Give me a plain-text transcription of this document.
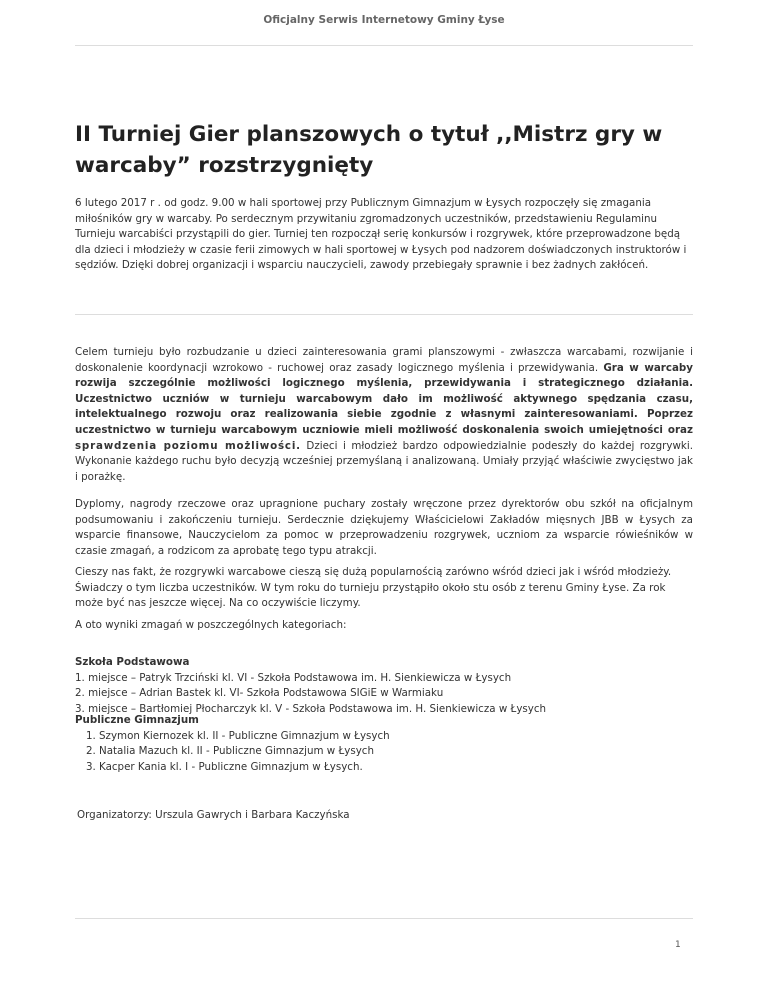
Oficjalny Serwis Internetowy Gminy Łyse
II Turniej Gier planszowych o tytuł ,,Mistrz gry w warcaby” rozstrzygnięty

6 lutego 2017 r . od godz. 9.00 w hali sportowej przy Publicznym Gimnazjum w Łysych rozpoczęły się zmagania miłośników gry w warcaby. Po serdecznym przywitaniu zgromadzonych uczestników, przedstawieniu Regulaminu Turnieju warcabiści przystąpili do gier. Turniej ten rozpoczął serię konkursów i rozgrywek, które przeprowadzone będą dla dzieci i młodzieży w czasie ferii zimowych w hali sportowej w Łysych pod nadzorem doświadczonych instruktorów i sędziów. Dzięki dobrej organizacji i wsparciu nauczycieli, zawody przebiegały sprawnie i bez żadnych zakłóceń.

Celem turnieju było rozbudzanie u dzieci zainteresowania grami planszowymi - zwłaszcza warcabami, rozwijanie i doskonalenie koordynacji wzrokowo - ruchowej oraz zasady logicznego myślenia i przewidywania. Gra w warcaby rozwija szczególnie możliwości logicznego myślenia, przewidywania i strategicznego działania. Uczestnictwo uczniów w turnieju warcabowym dało im możliwość aktywnego spędzania czasu, intelektualnego rozwoju oraz realizowania siebie zgodnie z własnymi zainteresowaniami. Poprzez uczestnictwo w turnieju warcabowym uczniowie mieli możliwość doskonalenia swoich umiejętności oraz sprawdzenia poziomu możliwości. Dzieci i młodzież bardzo odpowiedzialnie podeszły do każdej rozgrywki. Wykonanie każdego ruchu było decyzją wcześniej przemyślaną i analizowaną. Umiały przyjąć właściwie zwycięstwo jak i porażkę.

Dyplomy, nagrody rzeczowe oraz upragnione puchary zostały wręczone przez dyrektorów obu szkół na oficjalnym podsumowaniu i zakończeniu turnieju. Serdecznie dziękujemy Właścicielowi Zakładów mięsnych JBB w Łysych za wsparcie finansowe, Nauczycielom za pomoc w przeprowadzeniu rozgrywek, uczniom za wsparcie rówieśników w czasie zmagań, a rodzicom za aprobatę tego typu atrakcji.

Cieszy nas fakt, że rozgrywki warcabowe cieszą się dużą popularnością zarówno wśród dzieci jak i wśród młodzieży. Świadczy o tym liczba uczestników. W tym roku do turnieju przystąpiło około stu osób z terenu Gminy Łyse. Za rok może być nas jeszcze więcej. Na co oczywiście liczymy.

A oto wyniki zmagań w poszczególnych kategoriach:

Szkoła Podstawowa

1. miejsce – Patryk Trzciński kl. VI - Szkoła Podstawowa im. H. Sienkiewicza w Łysych
2. miejsce – Adrian Bastek kl. VI- Szkoła Podstawowa SIGiE w Warmiaku
3. miejsce – Bartłomiej Płocharczyk kl. V - Szkoła Podstawowa im. H. Sienkiewicza w Łysych

Publiczne Gimnazjum

1. Szymon Kiernozek kl. II - Publiczne Gimnazjum w Łysych
2. Natalia Mazuch kl. II - Publiczne Gimnazjum w Łysych
3. Kacper Kania kl. I - Publiczne Gimnazjum w Łysych.

Organizatorzy: Urszula Gawrych i Barbara Kaczyńska

1
